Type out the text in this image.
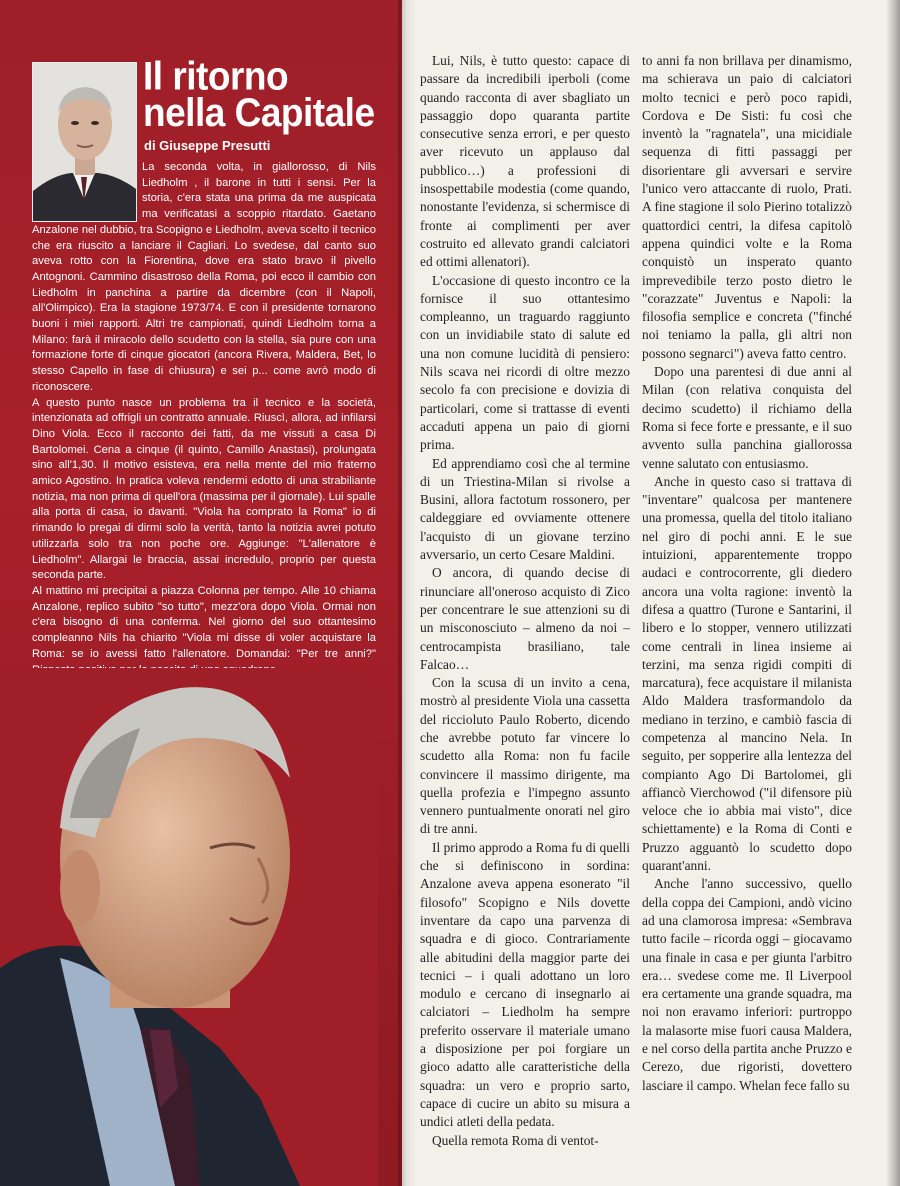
Il ritorno
nella Capitale
di Giuseppe Presutti

La seconda volta, in giallorosso, di Nils Liedholm , il barone in tutti i sensi. Per la storia, c'era stata una prima da me auspicata ma verificatasi a scoppio ritardato. Gaetano Anzalone nel dubbio, tra Scopigno e Liedholm, aveva scelto il tecnico che era riuscito a lanciare il Cagliari. Lo svedese, dal canto suo aveva rotto con la Fiorentina, dove era stato bravo il pivello Antognoni. Cammino disastroso della Roma, poi ecco il cambio con Liedholm in panchina a partire da dicembre (con il Napoli, all'Olimpico). Era la stagione 1973/74. E con il presidente tornarono buoni i miei rapporti. Altri tre campionati, quindi Liedholm torna a Milano: farà il miracolo dello scudetto con la stella, sia pure con una formazione forte di cinque giocatori (ancora Rivera, Maldera, Bet, lo stesso Capello in fase di chiusura) e sei p... come avrò modo di riconoscere.

A questo punto nasce un problema tra il tecnico e la società, intenzionata ad offrigli un contratto annuale. Riuscì, allora, ad infilarsi Dino Viola. Ecco il racconto dei fatti, da me vissuti a casa Di Bartolomei. Cena a cinque (il quinto, Camillo Anastasi), prolungata sino all'1,30. Il motivo esisteva, era nella mente del mio fraterno amico Agostino. In pratica voleva rendermi edotto di una strabiliante notizia, ma non prima di quell'ora (massima per il giornale). Lui spalle alla porta di casa, io davanti. "Viola ha comprato la Roma" io di rimando lo pregai di dirmi solo la verità, tanto la notizia avrei potuto utilizzarla solo tra non poche ore. Aggiunge: "L'allenatore è Liedholm". Allargai le braccia, assai incredulo, proprio per questa seconda parte.

Al mattino mi precipitai a piazza Colonna per tempo. Alle 10 chiama Anzalone, replico subito "so tutto", mezz'ora dopo Viola. Ormai non c'era bisogno di una conferma. Nel giorno del suo ottantesimo compleanno Nils ha chiarito "Viola mi disse di voler acquistare la Roma: se io avessi fatto l'allenatore. Domandai: "Per tre anni?"

Lui, Nils, è tutto questo: capace di passare da incredibili iperboli (come quando racconta di aver sbagliato un passaggio dopo quaranta partite consecutive senza errori, e per questo aver ricevuto un applauso dal pubblico…) a professioni di insospettabile modestia (come quando, nonostante l'evidenza, si schermisce di fronte ai complimenti per aver costruito ed allevato grandi calciatori ed ottimi allenatori).

L'occasione di questo incontro ce la fornisce il suo ottantesimo compleanno, un traguardo raggiunto con un invidiabile stato di salute ed una non comune lucidità di pensiero: Nils scava nei ricordi di oltre mezzo secolo fa con precisione e dovizia di particolari, come si trattasse di eventi accaduti appena un paio di giorni prima.

Ed apprendiamo così che al termine di un Triestina-Milan si rivolse a Busini, allora factotum rossonero, per caldeggiare ed ovviamente ottenere l'acquisto di un giovane terzino avversario, un certo Cesare Maldini.

O ancora, di quando decise di rinunciare all'oneroso acquisto di Zico per concentrare le sue attenzioni su di un misconosciuto – almeno da noi – centrocampista brasiliano, tale Falcao…

Con la scusa di un invito a cena, mostrò al presidente Viola una cassetta del ricciolut​o Paulo Roberto, dicendo che avrebbe potuto far vincere lo scudetto alla Roma: non fu facile convincere il massimo dirigente, ma quella profezia e l'impegno assunto vennero puntualmente onorati nel giro di tre anni.

Il primo approdo a Roma fu di quelli che si definiscono in sordina: Anzalone aveva appena esonerato "il filosofo" Scopigno e Nils dovette inventare da capo una parvenza di squadra e di gioco. Contrariamente alle abitudini della maggior parte dei tecnici – i quali adottano un loro modulo e cercano di insegnarlo ai calciatori – Liedholm ha sempre preferito osservare il materiale umano a disposizione per poi forgiare un gioco adatto alle caratteristiche della squadra: un vero e proprio sarto, capace di cucire un abito su misura a undici atleti della pedata.

Quella remota Roma di ventot-

to anni fa non brillava per dinamismo, ma schierava un paio di calciatori molto tecnici e però poco rapidi, Cordova e De Sisti: fu così che inventò la "ragnatela", una micidiale sequenza di fitti passaggi per disorientare gli avversari e servire l'unico vero attaccante di ruolo, Prati. A fine stagione il solo Pierino totalizzò quattordici centri, la difesa capitolò appena quindici volte e la Roma conquistò un insperato quanto imprevedibile terzo posto dietro le "corazzate" Juventus e Napoli: la filosofia semplice e concreta ("finché noi teniamo la palla, gli altri non possono segnarci") aveva fatto centro.

Dopo una parentesi di due anni al Milan (con relativa conquista del decimo scudetto) il richiamo della Roma si fece forte e pressante, e il suo avvento sulla panchina giallorossa venne salutato con entusiasmo.

Anche in questo caso si trattava di "inventare" qualcosa per mantenere una promessa, quella del titolo italiano nel giro di pochi anni. E le sue intuizioni, apparentemente troppo audaci e controcorrente, gli diedero ancora una volta ragione: inventò la difesa a quattro (Turone e Santarini, il libero e lo stopper, vennero utilizzati come centrali in linea insieme ai terzini, ma senza rigidi compiti di marcatura), fece acquistare il milanista Aldo Maldera trasformandolo da mediano in terzino, e cambiò fascia di competenza al mancino Nela. In seguito, per sopperire alla lentezza del compianto Ago Di Bartolomei, gli affiancò Vierchowod ("il difensore più veloce che io abbia mai visto", dice schiettamente) e la Roma di Conti e Pruzzo agguantò lo scudetto dopo quarant'anni.

Anche l'anno successivo, quello della coppa dei Campioni, andò vicino ad una clamorosa impresa: «Sembrava tutto facile – ricorda oggi – giocavamo una finale in casa e per giunta l'arbitro era… svedese come me. Il Liverpool era certamente una grande squadra, ma noi non eravamo inferiori: purtroppo la malasorte mise fuori causa Maldera, e nel corso della partita anche Pruzzo e Cerezo, due rigoristi, dovettero lasciare il campo. Whelan fece fallo su
